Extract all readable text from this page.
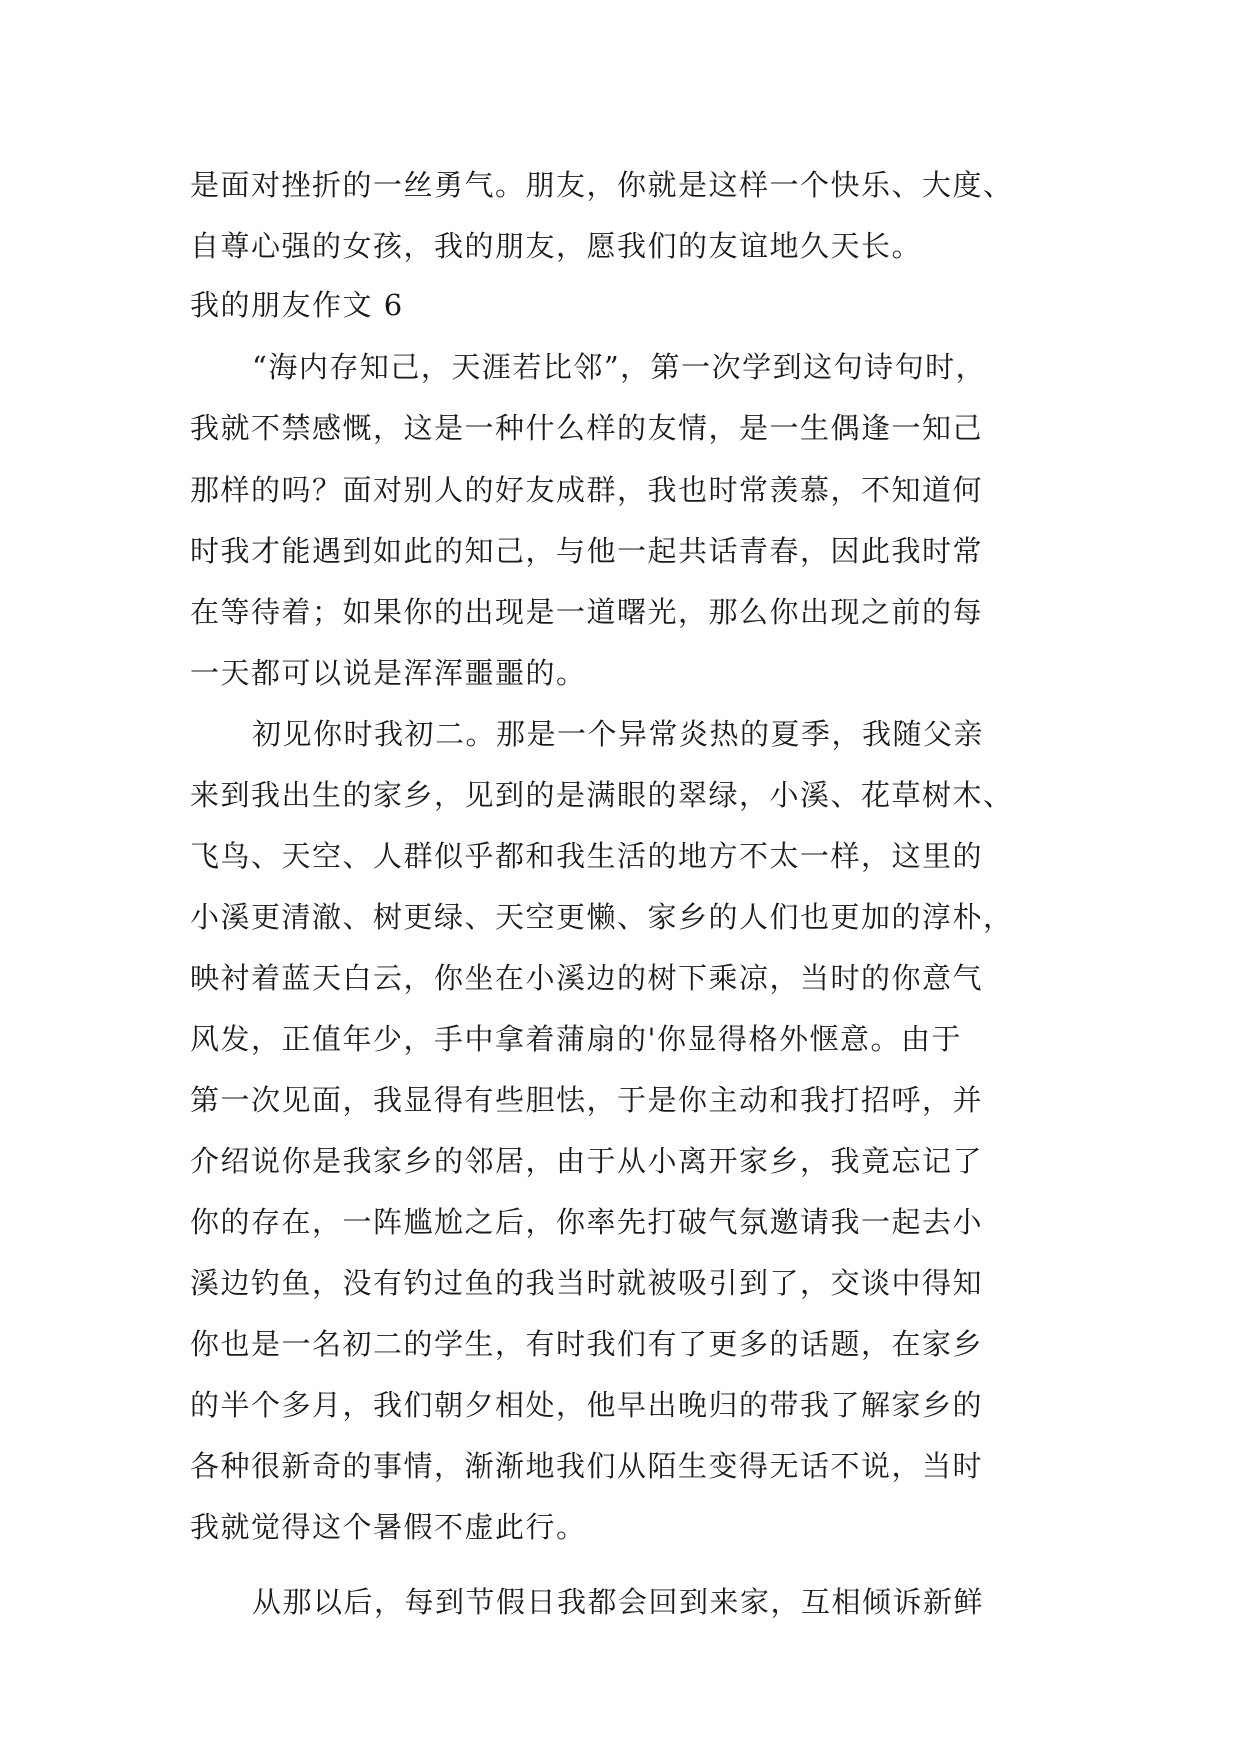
是面对挫折的一丝勇气。朋友，你就是这样一个快乐、大度、
自尊心强的女孩，我的朋友，愿我们的友谊地久天长。
我的朋友作文 6
“海内存知己，天涯若比邻”，第一次学到这句诗句时，
我就不禁感慨，这是一种什么样的友情，是一生偶逢一知己
那样的吗？面对别人的好友成群，我也时常羡慕，不知道何
时我才能遇到如此的知己，与他一起共话青春，因此我时常
在等待着；如果你的出现是一道曙光，那么你出现之前的每
一天都可以说是浑浑噩噩的。
初见你时我初二。那是一个异常炎热的夏季，我随父亲
来到我出生的家乡，见到的是满眼的翠绿，小溪、花草树木、
飞鸟、天空、人群似乎都和我生活的地方不太一样，这里的
小溪更清澈、树更绿、天空更懒、家乡的人们也更加的淳朴，
映衬着蓝天白云，你坐在小溪边的树下乘凉，当时的你意气
风发，正值年少，手中拿着蒲扇的'你显得格外惬意。由于
第一次见面，我显得有些胆怯，于是你主动和我打招呼，并
介绍说你是我家乡的邻居，由于从小离开家乡，我竟忘记了
你的存在，一阵尴尬之后，你率先打破气氛邀请我一起去小
溪边钓鱼，没有钓过鱼的我当时就被吸引到了，交谈中得知
你也是一名初二的学生，有时我们有了更多的话题，在家乡
的半个多月，我们朝夕相处，他早出晚归的带我了解家乡的
各种很新奇的事情，渐渐地我们从陌生变得无话不说，当时
我就觉得这个暑假不虚此行。
从那以后，每到节假日我都会回到来家，互相倾诉新鲜
